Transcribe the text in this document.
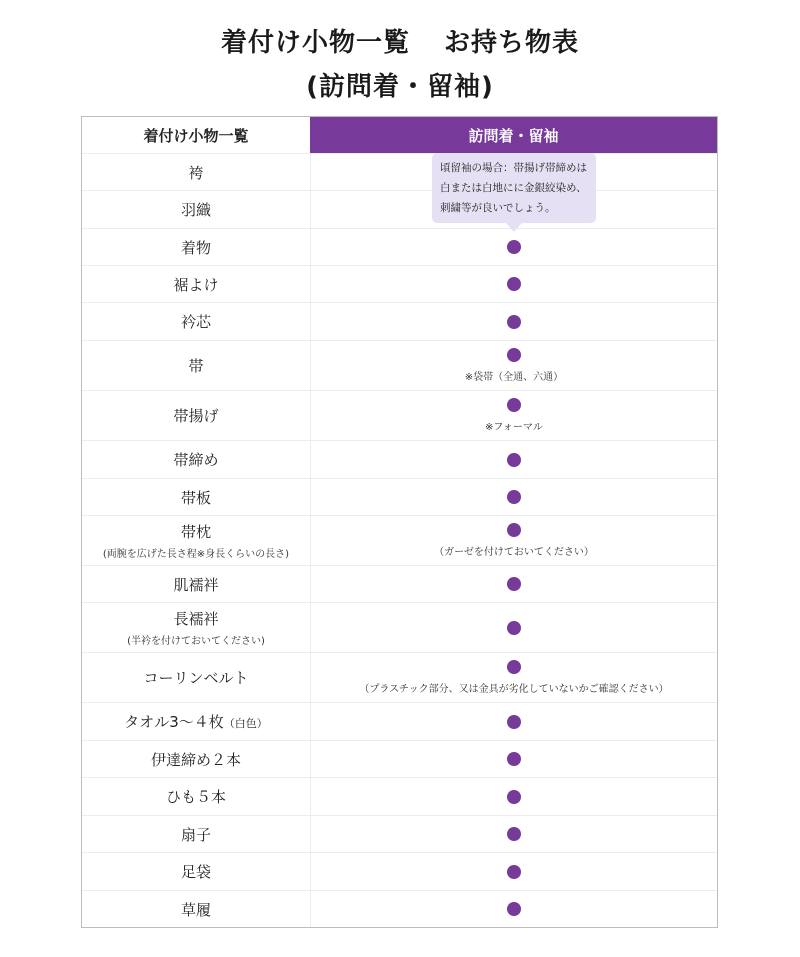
着付け小物一覧 お持ち物表
(訪問着・留袖)
着付け小物一覧	訪問着・留袖
袴
羽織
着物
裾よけ
衿芯
帯
※袋帯（全通、六通）
帯揚げ
※フォーマル
帯締め
帯板
帯枕
(両腕を広げた長さ程※身長くらいの長さ)	（ガーゼを付けておいてください）
肌襦袢
長襦袢
(半衿を付けておいてください)
コーリンベルト
（プラスチック部分、又は金具が劣化していないかご確認ください）
タオル3〜４枚（白色）
伊達締め２本
ひも５本
扇子
足袋
草履
頃留袖の場合：帯揚げ帯締めは白または白地にに金銀絞染め、刺繍等が良いでしょう。
